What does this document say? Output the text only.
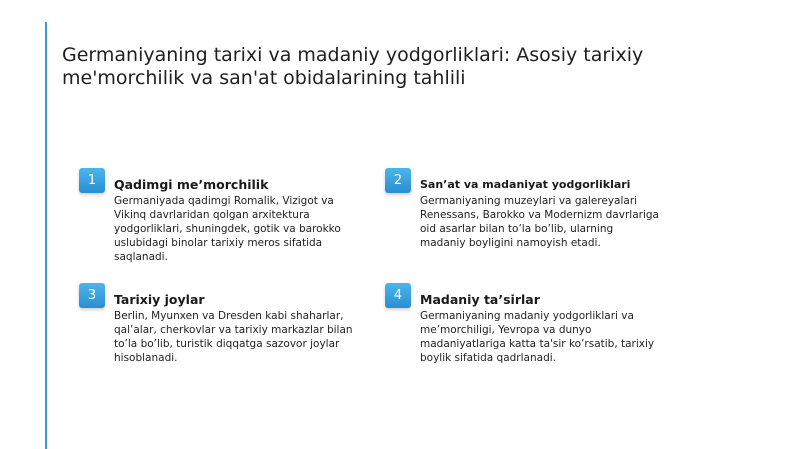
Germaniyaning tarixi va madaniy yodgorliklari: Asosiy tarixiy me'morchilik va san'at obidalarining tahlili
1	Qadimgi me’morchilik
Germaniyada qadimgi Romalik, Vizigot va Vikinq davrlaridan qolgan arxitektura yodgorliklari, shuningdek, gotik va barokko uslubidagi binolar tarixiy meros sifatida saqlanadi.
2	San’at va madaniyat yodgorliklari
Germaniyaning muzeylari va galereyalari Renessans, Barokko va Modernizm davrlariga oid asarlar bilan to’la bo’lib, ularning madaniy boyligini namoyish etadi.
3	Tarixiy joylar
Berlin, Myunxen va Dresden kabi shaharlar, qal’alar, cherkovlar va tarixiy markazlar bilan to’la bo’lib, turistik diqqatga sazovor joylar hisoblanadi.
4	Madaniy ta’sirlar
Germaniyaning madaniy yodgorliklari va me’morchiligi, Yevropa va dunyo madaniyatlariga katta ta'sir ko’rsatib, tarixiy boylik sifatida qadrlanadi.
